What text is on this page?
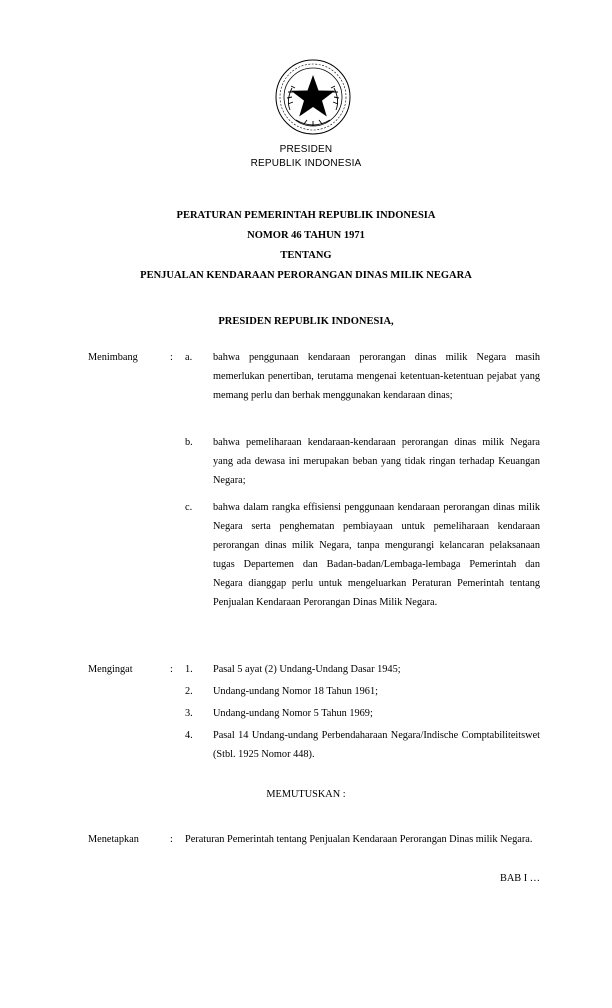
PRESIDEN
REPUBLIK INDONESIA
PERATURAN PEMERINTAH REPUBLIK INDONESIA
NOMOR 46 TAHUN 1971
TENTANG
PENJUALAN KENDARAAN PERORANGAN DINAS MILIK NEGARA
PRESIDEN REPUBLIK INDONESIA,
Menimbang	: a. bahwa penggunaan kendaraan perorangan dinas milik Negara masih memerlukan penertiban, terutama mengenai ketentuan-ketentuan pejabat yang memang perlu dan berhak menggunakan kendaraan dinas;
b. bahwa pemeliharaan kendaraan-kendaraan perorangan dinas milik Negara yang ada dewasa ini merupakan beban yang tidak ringan terhadap Keuangan Negara;
c. bahwa dalam rangka effisiensi penggunaan kendaraan perorangan dinas milik Negara serta penghematan pembiayaan untuk pemeliharaan kendaraan perorangan dinas milik Negara, tanpa mengurangi kelancaran pelaksanaan tugas Departemen dan Badan-badan/Lembaga-lembaga Pemerintah dan Negara dianggap perlu untuk mengeluarkan Peraturan Pemerintah tentang Penjualan Kendaraan Perorangan Dinas Milik Negara.
Mengingat	: 1. Pasal 5 ayat (2) Undang-Undang Dasar 1945;
2. Undang-undang Nomor 18 Tahun 1961;
3. Undang-undang Nomor 5 Tahun 1969;
4. Pasal 14 Undang-undang Perbendaharaan Negara/Indische Comptabiliteitswet (Stbl. 1925 Nomor 448).
MEMUTUSKAN :
Menetapkan	: Peraturan Pemerintah tentang Penjualan Kendaraan Perorangan Dinas milik Negara.
BAB I …
